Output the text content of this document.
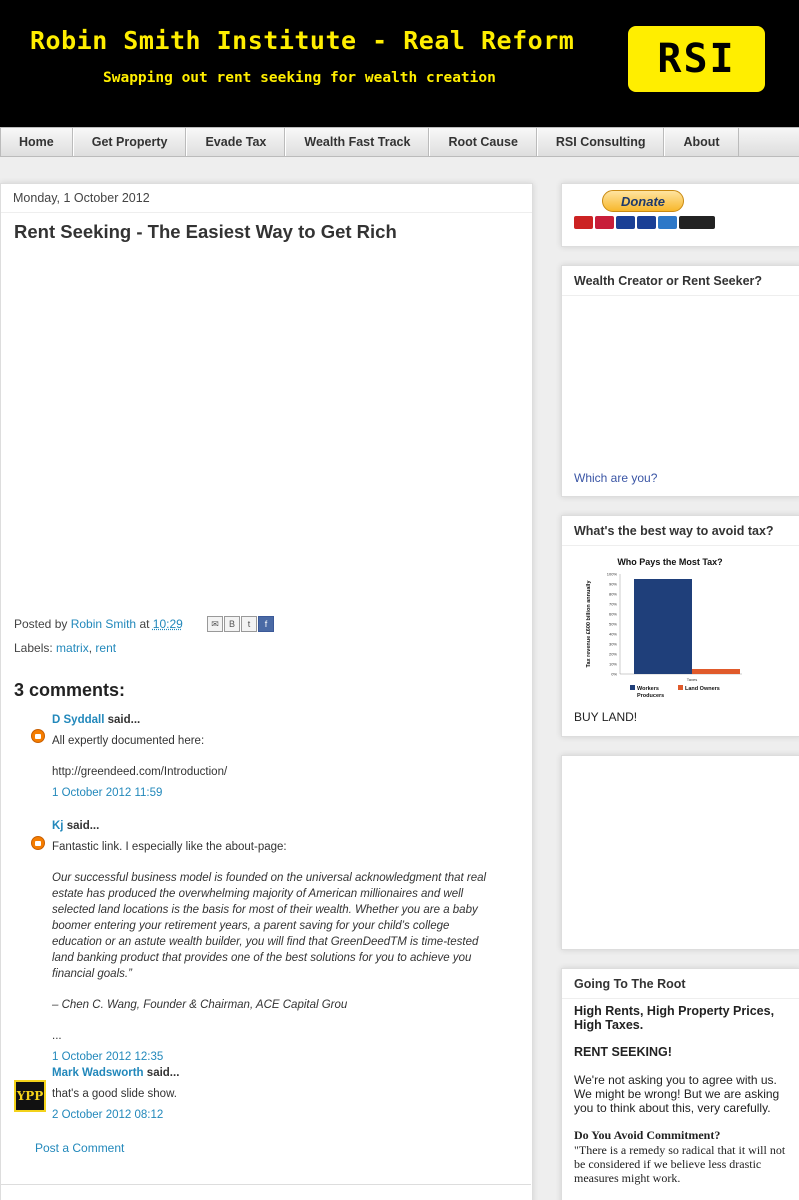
Robin Smith Institute - Real Reform
Swapping out rent seeking for wealth creation	RSI
Home	Get Property	Evade Tax	Wealth Fast Track	Root Cause	RSI Consulting	About
Monday, 1 October 2012
Rent Seeking - The Easiest Way to Get Rich
Posted by Robin Smith at 10:29	✉	B	t	f
Labels: matrix, rent
3 comments:
D Syddall said...
All expertly documented here:
http://greendeed.com/Introduction/
1 October 2012 11:59
Kj said...
Fantastic link. I especially like the about-page:
Our successful business model is founded on the universal acknowledgment that real estate has produced the overwhelming majority of American millionaires and well selected land locations is the basis for most of their wealth. Whether you are a baby boomer entering your retirement years, a parent saving for your child’s college education or an astute wealth builder, you will find that GreenDeedTM is time-tested land banking product that provides one of the best solutions for you to achieve you financial goals.”
– Chen C. Wang, Founder & Chairman, ACE Capital Grou
...
1 October 2012 12:35
YPP
Mark Wadsworth said...
that's a good slide show.
2 October 2012 08:12
Post a Comment
Donate
Wealth Creator or Rent Seeker?
Which are you?
What's the best way to avoid tax?
Who Pays the Most Tax?
Tax revenue £600 billion annually
100%
90%
80%
70%
60%
50%
40%
30%
20%
10%
0%
Taxes
Workers
Producers
Land Owners
BUY LAND!
Going To The Root
High Rents, High Property Prices, High Taxes.
RENT SEEKING!
We're not asking you to agree with us. We might be wrong! But we are asking you to think about this, very carefully.
Do You Avoid Commitment?
"There is a remedy so radical that it will not be considered if we believe less drastic measures might work.
